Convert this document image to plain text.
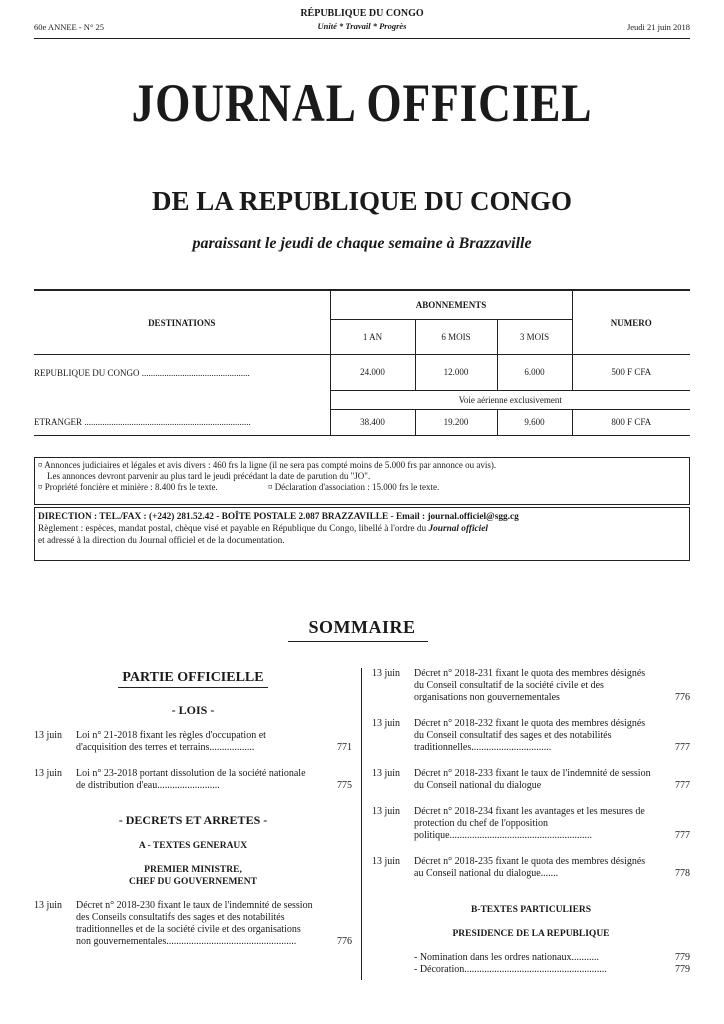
RÉPUBLIQUE DU CONGO
Unité * Travail * Progrès
60e ANNEE - N° 25	Jeudi 21 juin 2018
JOURNAL OFFICIEL
DE LA REPUBLIQUE DU CONGO
paraissant le jeudi de chaque semaine à Brazzaville
DESTINATIONS	ABONNEMENTS			NUMERO
	1 AN	6 MOIS	3 MOIS	
REPUBLIQUE DU CONGO ................................................	24.000	12.000	6.000	500 F CFA
	Voie aérienne exclusivement			
ETRANGER ..........................................................................	38.400	19.200	9.600	800 F CFA
¤ Annonces judiciaires et légales et avis divers : 460 frs la ligne (il ne sera pas compté moins de 5.000 frs par annonce ou avis).
Les annonces devront parvenir au plus tard le jeudi précédant la date de parution du "JO".
¤ Propriété foncière et minière : 8.400 frs le texte.	¤ Déclaration d'association : 15.000 frs le texte.
DIRECTION : TEL./FAX : (+242) 281.52.42 - BOÎTE POSTALE 2.087 BRAZZAVILLE - Email : journal.officiel@sgg.cg
Règlement : espèces, mandat postal, chèque visé et payable en République du Congo, libellé à l'ordre du Journal officiel
et adressé à la direction du Journal officiel et de la documentation.
SOMMAIRE
PARTIE OFFICIELLE
- LOIS -
13 juin Loi n° 21-2018 fixant les règles d'occupation et d'acquisition des terres et terrains..................	771
13 juin Loi n° 23-2018 portant dissolution de la société nationale de distribution d'eau.........................	775
- DECRETS ET ARRETES -
A - TEXTES GENERAUX
PREMIER MINISTRE,
CHEF DU GOUVERNEMENT
13 juin Décret n° 2018-230 fixant le taux de l'indemnité de session des Conseils consultatifs des sages et des notabilités traditionnelles et de la société civile et des organisations non gouvernementales....................................................	776
13 juin Décret n° 2018-231 fixant le quota des membres désignés du Conseil consultatif de la société civile et des organisations non gouvernementales	776
13 juin Décret n° 2018-232 fixant le quota des membres désignés du Conseil consultatif des sages et des notabilités traditionnelles................................	777
13 juin Décret n° 2018-233 fixant le taux de l'indemnité de session du Conseil national du dialogue	777
13 juin Décret n° 2018-234 fixant les avantages et les mesures de protection du chef de l'opposition politique.........................................................	777
13 juin Décret n° 2018-235 fixant le quota des membres désignés au Conseil national du dialogue.......	778
B-TEXTES PARTICULIERS
PRESIDENCE DE LA REPUBLIQUE
- Nomination dans les ordres nationaux...........	779
- Décoration.........................................................	779
